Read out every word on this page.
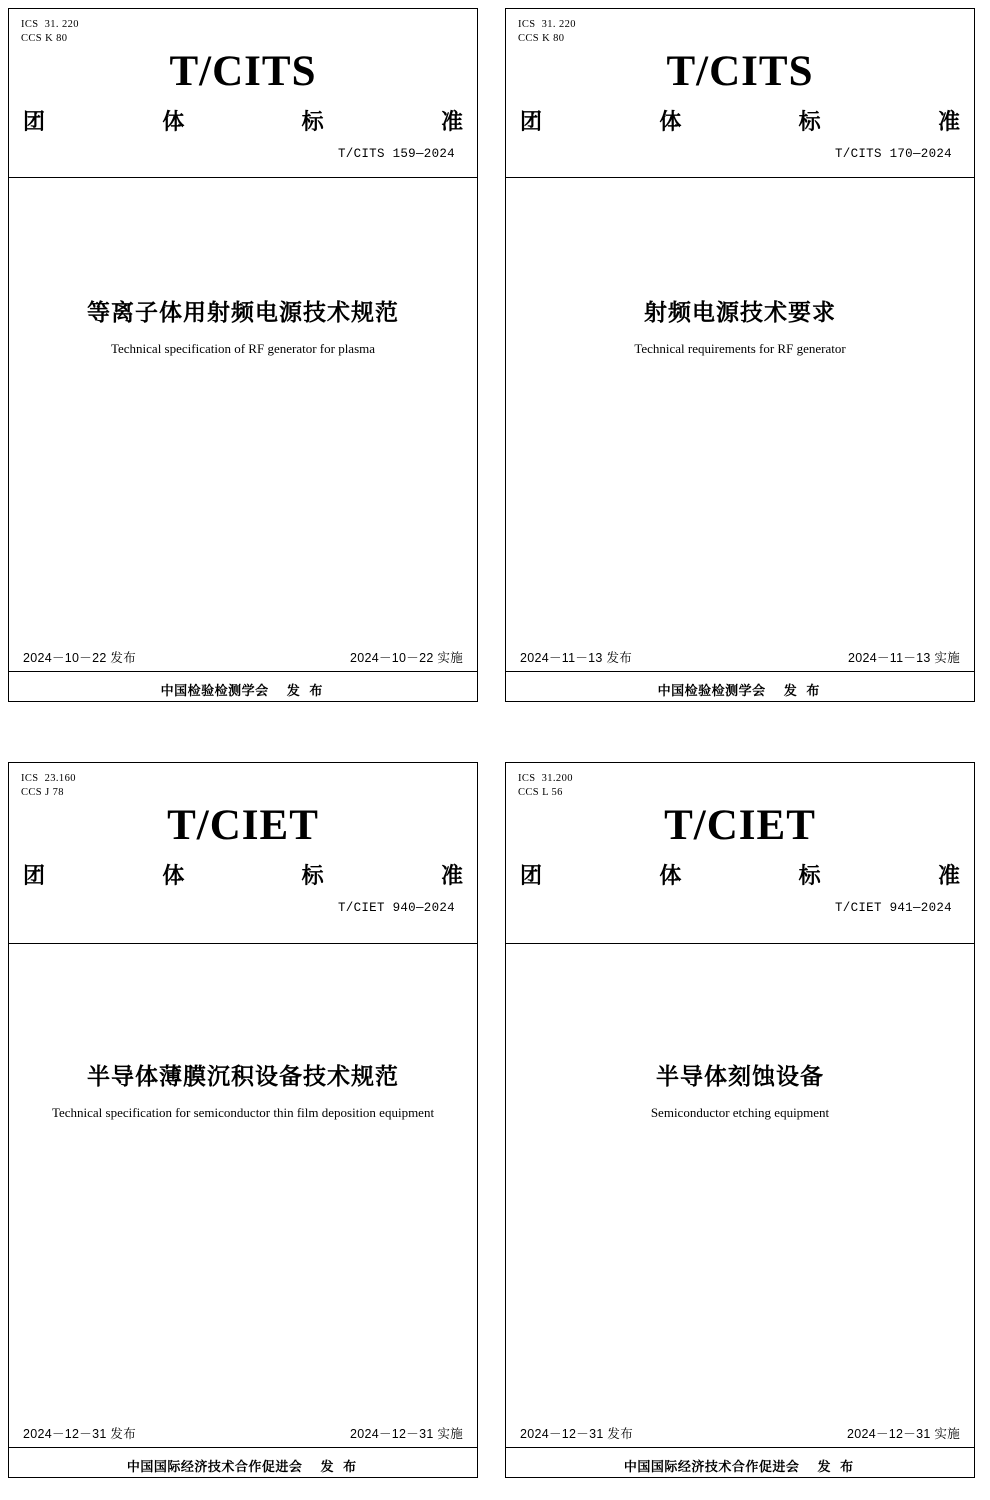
ICS  31. 220
CCS K 80
T/CITS
团	体	标	准
T/CITS 159—2024
等离子体用射频电源技术规范
Technical specification of RF generator for plasma
2024－10－22 发布	2024－10－22 实施
中国检验检测学会 发 布
ICS  31. 220
CCS K 80
T/CITS
团	体	标	准
T/CITS 170—2024
射频电源技术要求
Technical requirements for RF generator
2024－11－13 发布	2024－11－13 实施
中国检验检测学会 发 布
ICS  23.160
CCS J 78
T/CIET
团	体	标	准
T/CIET 940—2024
半导体薄膜沉积设备技术规范
Technical specification for semiconductor thin film deposition equipment
2024－12－31 发布	2024－12－31 实施
中国国际经济技术合作促进会 发 布
ICS  31.200
CCS L 56
T/CIET
团	体	标	准
T/CIET 941—2024
半导体刻蚀设备
Semiconductor etching equipment
2024－12－31 发布	2024－12－31 实施
中国国际经济技术合作促进会 发 布
